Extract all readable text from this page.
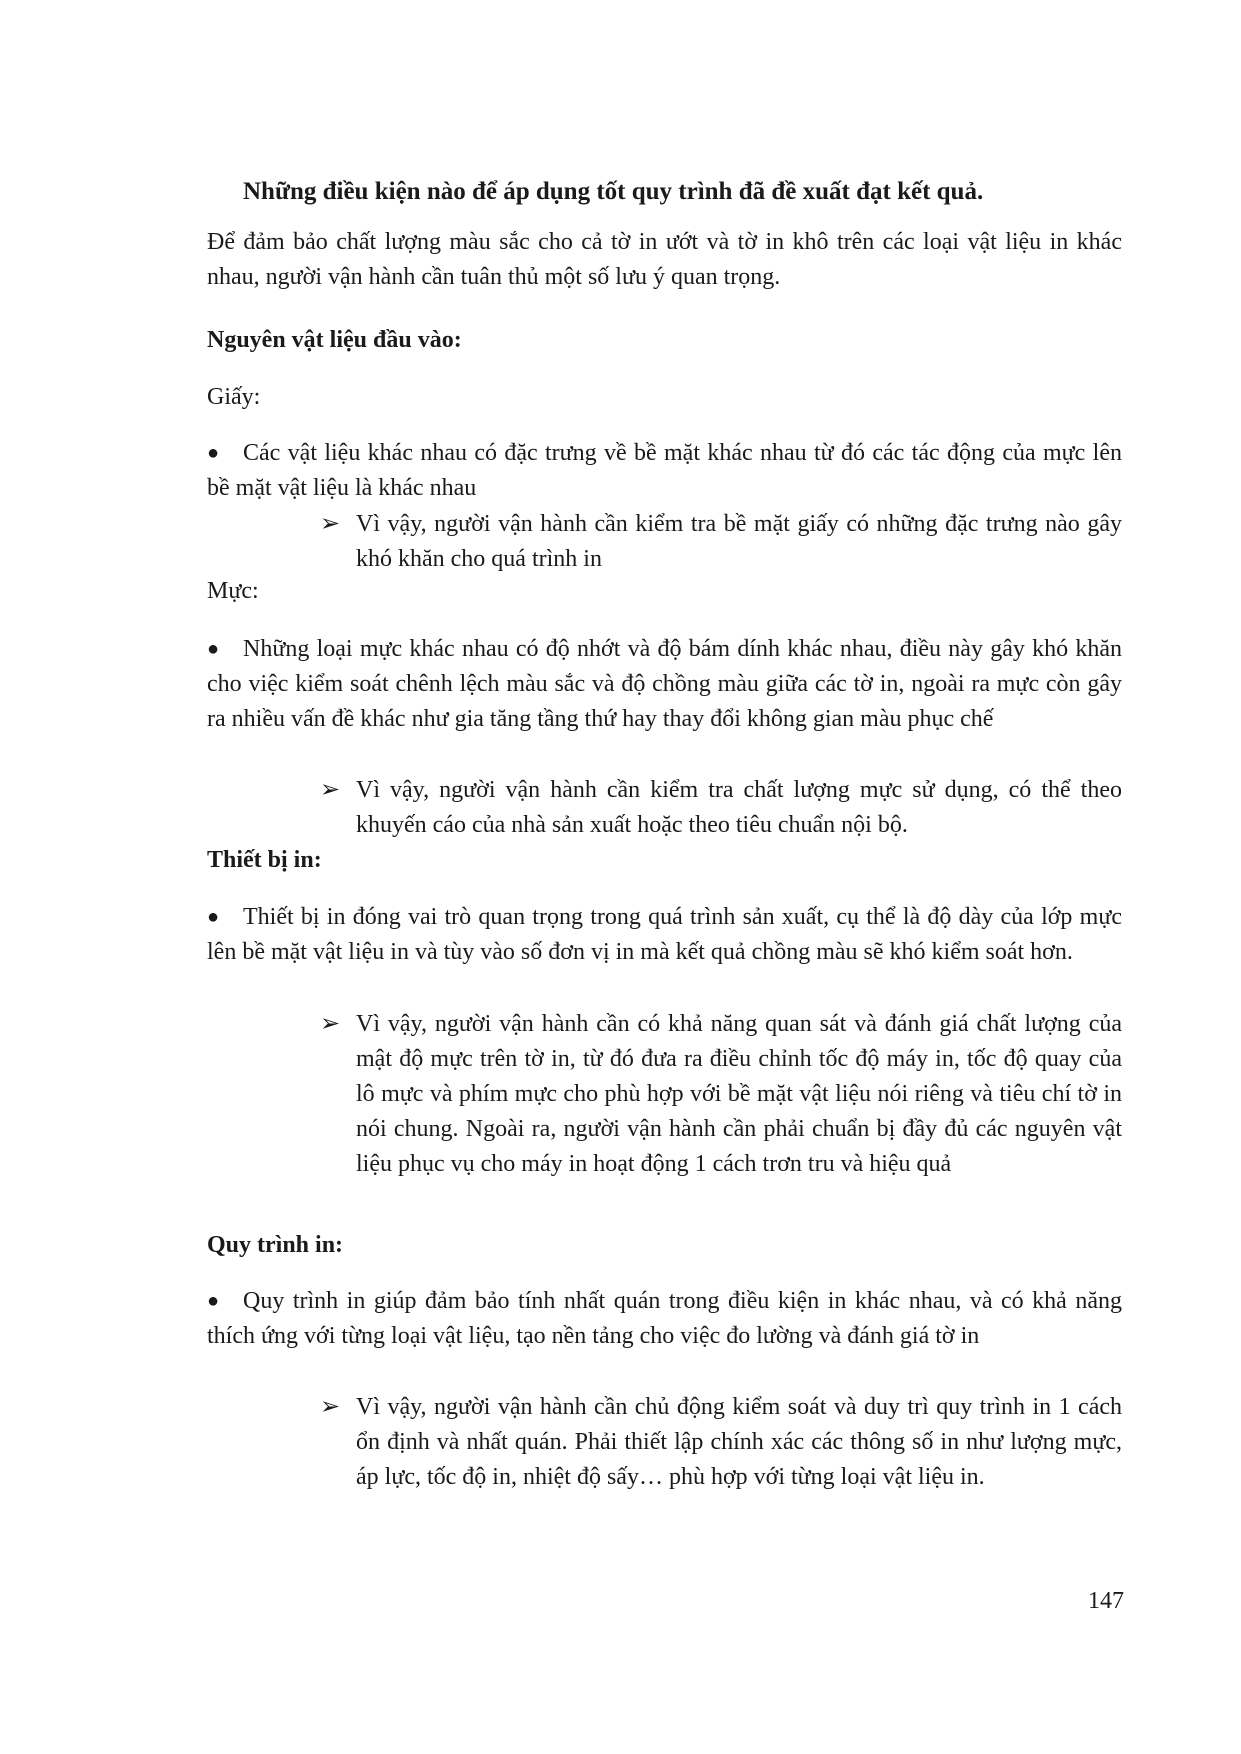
Những điều kiện nào để áp dụng tốt quy trình đã đề xuất đạt kết quả.

Để đảm bảo chất lượng màu sắc cho cả tờ in ướt và tờ in khô trên các loại vật liệu in khác nhau, người vận hành cần tuân thủ một số lưu ý quan trọng.

Nguyên vật liệu đầu vào:

Giấy:

● Các vật liệu khác nhau có đặc trưng về bề mặt khác nhau từ đó các tác động của mực lên bề mặt vật liệu là khác nhau

➢ Vì vậy, người vận hành cần kiểm tra bề mặt giấy có những đặc trưng nào gây khó khăn cho quá trình in

Mực:

● Những loại mực khác nhau có độ nhớt và độ bám dính khác nhau, điều này gây khó khăn cho việc kiểm soát chênh lệch màu sắc và độ chồng màu giữa các tờ in, ngoài ra mực còn gây ra nhiều vấn đề khác như gia tăng tầng thứ hay thay đổi không gian màu phục chế

➢ Vì vậy, người vận hành cần kiểm tra chất lượng mực sử dụng, có thể theo khuyến cáo của nhà sản xuất hoặc theo tiêu chuẩn nội bộ.

Thiết bị in:

● Thiết bị in đóng vai trò quan trọng trong quá trình sản xuất, cụ thể là độ dày của lớp mực lên bề mặt vật liệu in và tùy vào số đơn vị in mà kết quả chồng màu sẽ khó kiểm soát hơn.

➢ Vì vậy, người vận hành cần có khả năng quan sát và đánh giá chất lượng của mật độ mực trên tờ in, từ đó đưa ra điều chỉnh tốc độ máy in, tốc độ quay của lô mực và phím mực cho phù hợp với bề mặt vật liệu nói riêng và tiêu chí tờ in nói chung. Ngoài ra, người vận hành cần phải chuẩn bị đầy đủ các nguyên vật liệu phục vụ cho máy in hoạt động 1 cách trơn tru và hiệu quả

Quy trình in:

● Quy trình in giúp đảm bảo tính nhất quán trong điều kiện in khác nhau, và có khả năng thích ứng với từng loại vật liệu, tạo nền tảng cho việc đo lường và đánh giá tờ in

➢ Vì vậy, người vận hành cần chủ động kiểm soát và duy trì quy trình in 1 cách ổn định và nhất quán. Phải thiết lập chính xác các thông số in như lượng mực, áp lực, tốc độ in, nhiệt độ sấy… phù hợp với từng loại vật liệu in.

147
